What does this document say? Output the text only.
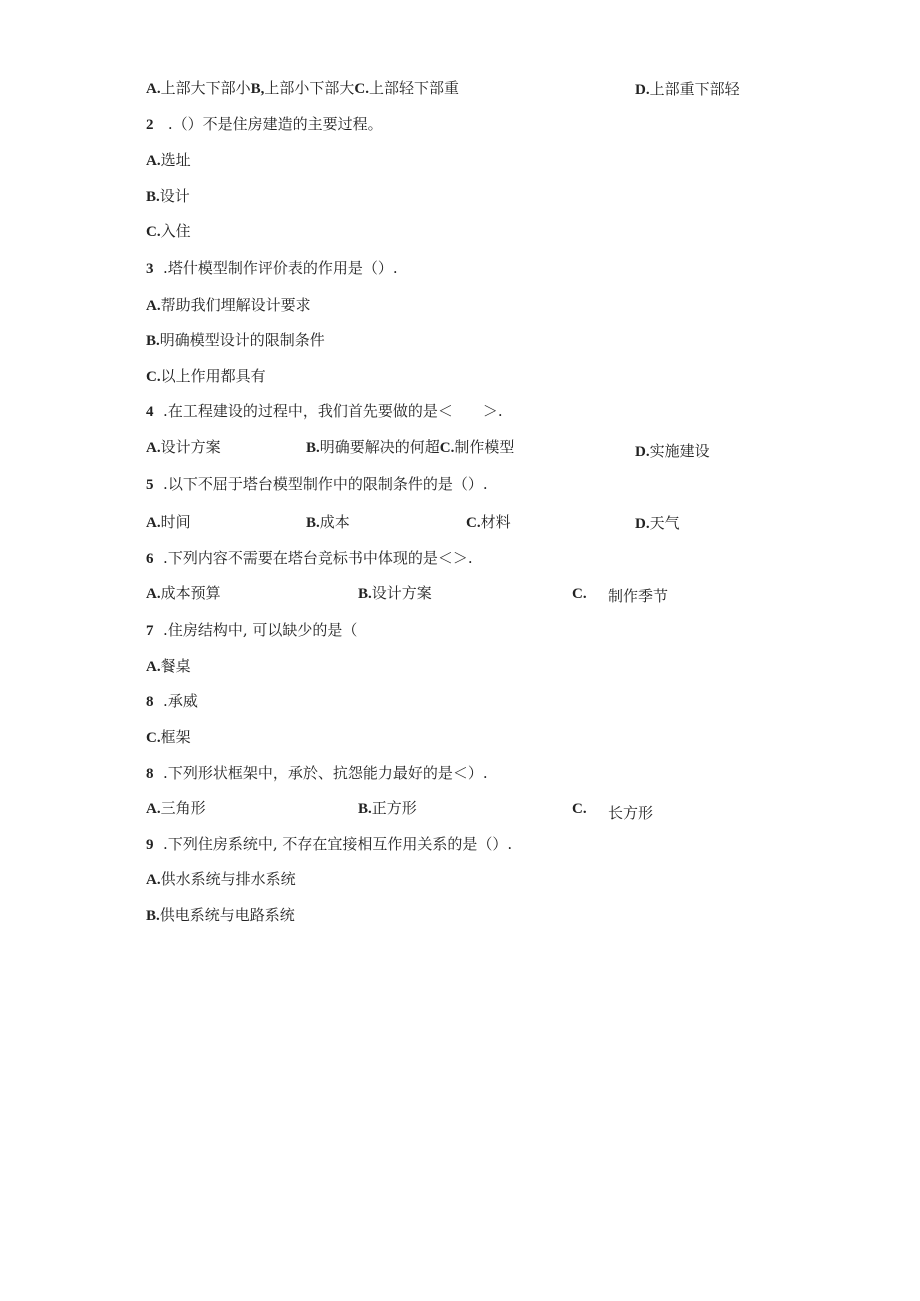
A.上部大下部小B,上部小下部大C.上部轻下部重	D.上部重下部轻
2 .（）不是住房建造的主要过程。
A.选址
B.设计
C.入住
3 .塔什模型制作评价表的作用是（）.
A.帮助我们埋解设计要求
B.明确模型设计的限制条件
C.以上作用都具有
4 .在工程建设的过程中，我们首先要做的是＜　　＞.
A.设计方案	B.明确要解决的何超C.制作模型	D.实施建设
5 .以下不屈于塔台模型制作中的限制条件的是（）.
A.时间	B.成本	C.材料	D.天气
6 .下列内容不需要在塔台竞标书中体现的是＜＞.
A.成本预算	B.设计方案	C. 制作季节
7 .住房结构中, 可以缺少的是（
A.餐桌
8 .承威
C.框架
8 .下列形状框架中，承於、抗怨能力最好的是＜）.
A.三角形	B.正方形	C. 长方形
9 .下列住房系统中, 不存在宜接相互作用关系的是（）.
A.供水系统与排水系统
B.供电系统与电路系统
